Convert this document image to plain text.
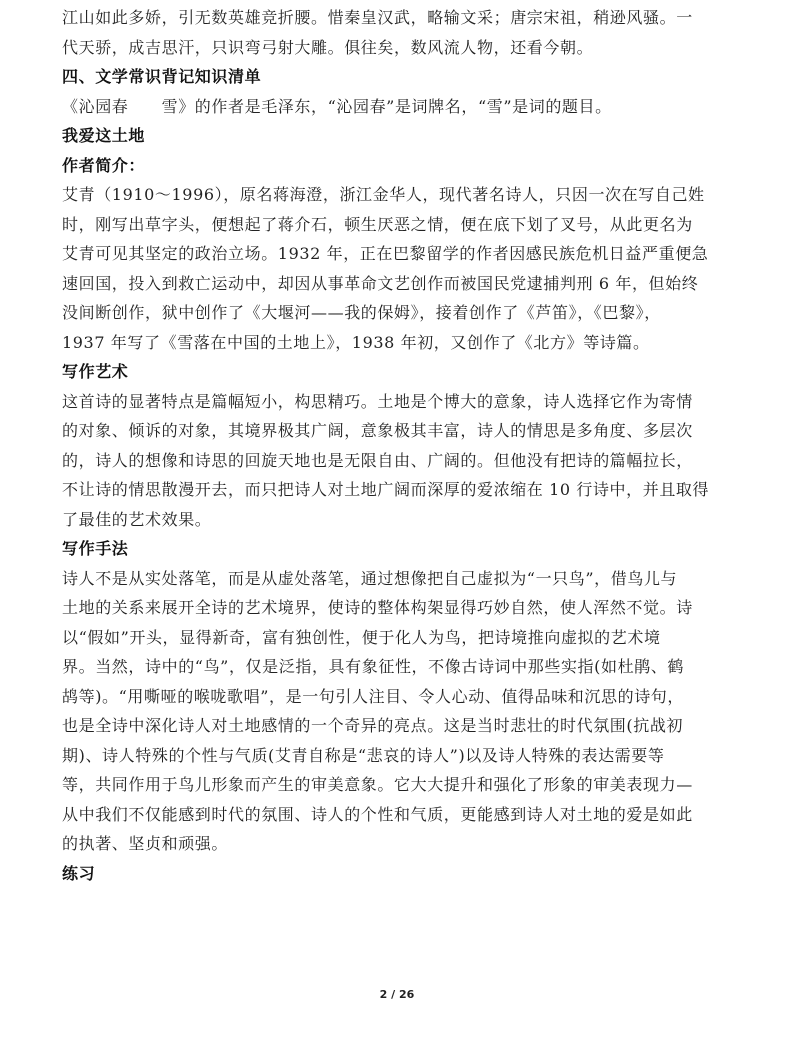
江山如此多娇，引无数英雄竞折腰。惜秦皇汉武，略输文采；唐宗宋祖，稍逊风骚。一
代天骄，成吉思汗，只识弯弓射大雕。俱往矣，数风流人物，还看今朝。

四、文学常识背记知识清单

《沁园春　　雪》的作者是毛泽东，“沁园春”是词牌名，“雪”是词的题目。

我爱这土地

作者简介：

艾青（1910～1996），原名蒋海澄，浙江金华人，现代著名诗人，只因一次在写自己姓
时，刚写出草字头，便想起了蒋介石，顿生厌恶之情，便在底下划了叉号，从此更名为
艾青可见其坚定的政治立场。1932 年，正在巴黎留学的作者因感民族危机日益严重便急
速回国，投入到救亡运动中，却因从事革命文艺创作而被国民党逮捕判刑 6 年，但始终
没间断创作，狱中创作了《大堰河——我的保姆》，接着创作了《芦笛》，《巴黎》，
1937 年写了《雪落在中国的土地上》，1938 年初，又创作了《北方》等诗篇。

写作艺术

这首诗的显著特点是篇幅短小，构思精巧。土地是个博大的意象，诗人选择它作为寄情
的对象、倾诉的对象，其境界极其广阔，意象极其丰富，诗人的情思是多角度、多层次
的，诗人的想像和诗思的回旋天地也是无限自由、广阔的。但他没有把诗的篇幅拉长，
不让诗的情思散漫开去，而只把诗人对土地广阔而深厚的爱浓缩在 10 行诗中，并且取得
了最佳的艺术效果。

写作手法

诗人不是从实处落笔，而是从虚处落笔，通过想像把自己虚拟为“一只鸟”，借鸟儿与
土地的关系来展开全诗的艺术境界，使诗的整体构架显得巧妙自然，使人浑然不觉。诗
以“假如”开头，显得新奇，富有独创性，便于化人为鸟，把诗境推向虚拟的艺术境
界。当然，诗中的“鸟”，仅是泛指，具有象征性，不像古诗词中那些实指(如杜鹃、鹤
鸪等)。“用嘶哑的喉咙歌唱”，是一句引人注目、令人心动、值得品味和沉思的诗句，
也是全诗中深化诗人对土地感情的一个奇异的亮点。这是当时悲壮的时代氛围(抗战初
期)、诗人特殊的个性与气质(艾青自称是“悲哀的诗人”)以及诗人特殊的表达需要等
等，共同作用于鸟儿形象而产生的审美意象。它大大提升和强化了形象的审美表现力—
从中我们不仅能感到时代的氛围、诗人的个性和气质，更能感到诗人对土地的爱是如此
的执著、坚贞和顽强。

练习

2 / 26
